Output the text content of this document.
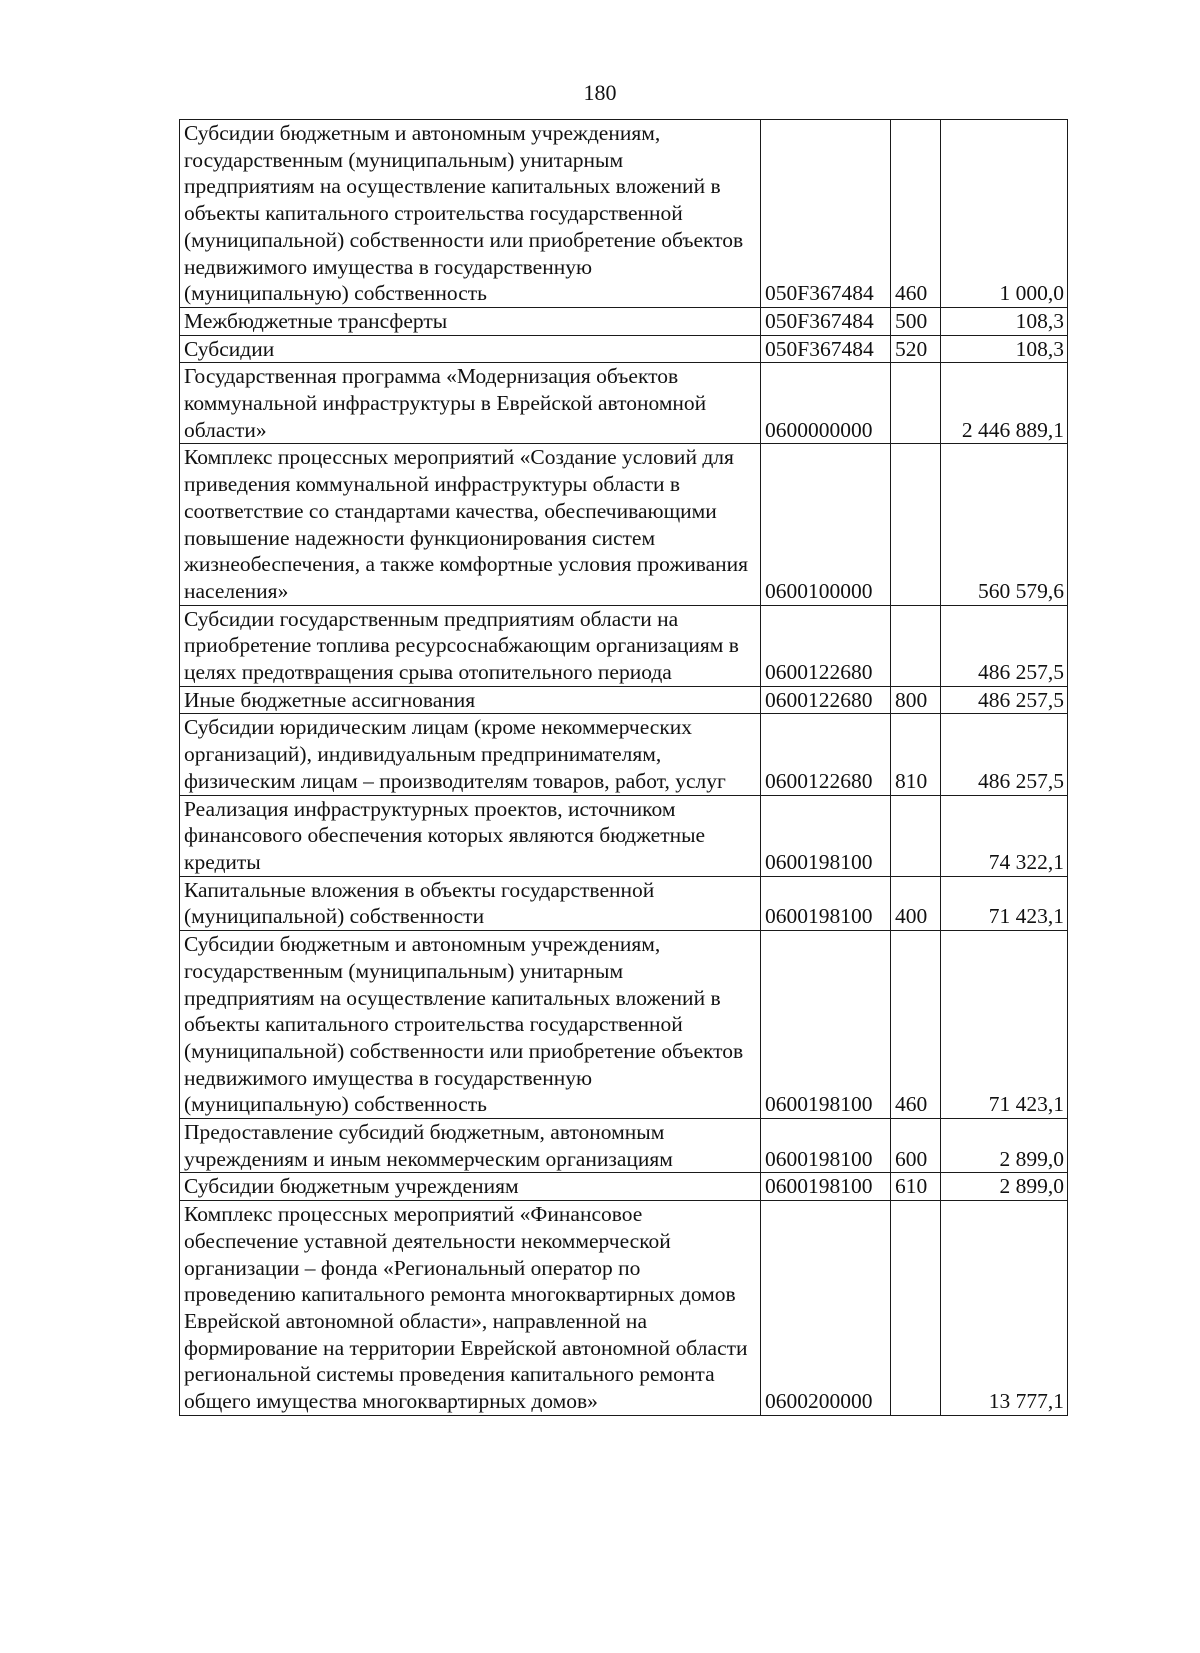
180
Субсидии бюджетным и автономным учреждениям, государственным (муниципальным) унитарным предприятиям на осуществление капитальных вложений в объекты капитального строительства государственной (муниципальной) собственности или приобретение объектов недвижимого имущества в государственную (муниципальную) собственность	050F367484	460	1 000,0
Межбюджетные трансферты	050F367484	500	108,3
Субсидии	050F367484	520	108,3
Государственная программа «Модернизация объектов коммунальной инфраструктуры в Еврейской автономной области»	0600000000		2 446 889,1
Комплекс процессных мероприятий «Создание условий для приведения коммунальной инфраструктуры области в соответствие со стандартами качества, обеспечивающими повышение надежности функционирования систем жизнеобеспечения, а также комфортные условия проживания населения»	0600100000		560 579,6
Субсидии государственным предприятиям области на приобретение топлива ресурсоснабжающим организациям в целях предотвращения срыва отопительного периода	0600122680		486 257,5
Иные бюджетные ассигнования	0600122680	800	486 257,5
Субсидии юридическим лицам (кроме некоммерческих организаций), индивидуальным предпринимателям, физическим лицам – производителям товаров, работ, услуг	0600122680	810	486 257,5
Реализация инфраструктурных проектов, источником финансового обеспечения которых являются бюджетные кредиты	0600198100		74 322,1
Капитальные вложения в объекты государственной (муниципальной) собственности	0600198100	400	71 423,1
Субсидии бюджетным и автономным учреждениям, государственным (муниципальным) унитарным предприятиям на осуществление капитальных вложений в объекты капитального строительства государственной (муниципальной) собственности или приобретение объектов недвижимого имущества в государственную (муниципальную) собственность	0600198100	460	71 423,1
Предоставление субсидий бюджетным, автономным учреждениям и иным некоммерческим организациям	0600198100	600	2 899,0
Субсидии бюджетным учреждениям	0600198100	610	2 899,0
Комплекс процессных мероприятий «Финансовое обеспечение уставной деятельности некоммерческой организации – фонда «Региональный оператор по проведению капитального ремонта многоквартирных домов Еврейской автономной области», направленной на формирование на территории Еврейской автономной области региональной системы проведения капитального ремонта общего имущества многоквартирных домов»	0600200000		13 777,1
